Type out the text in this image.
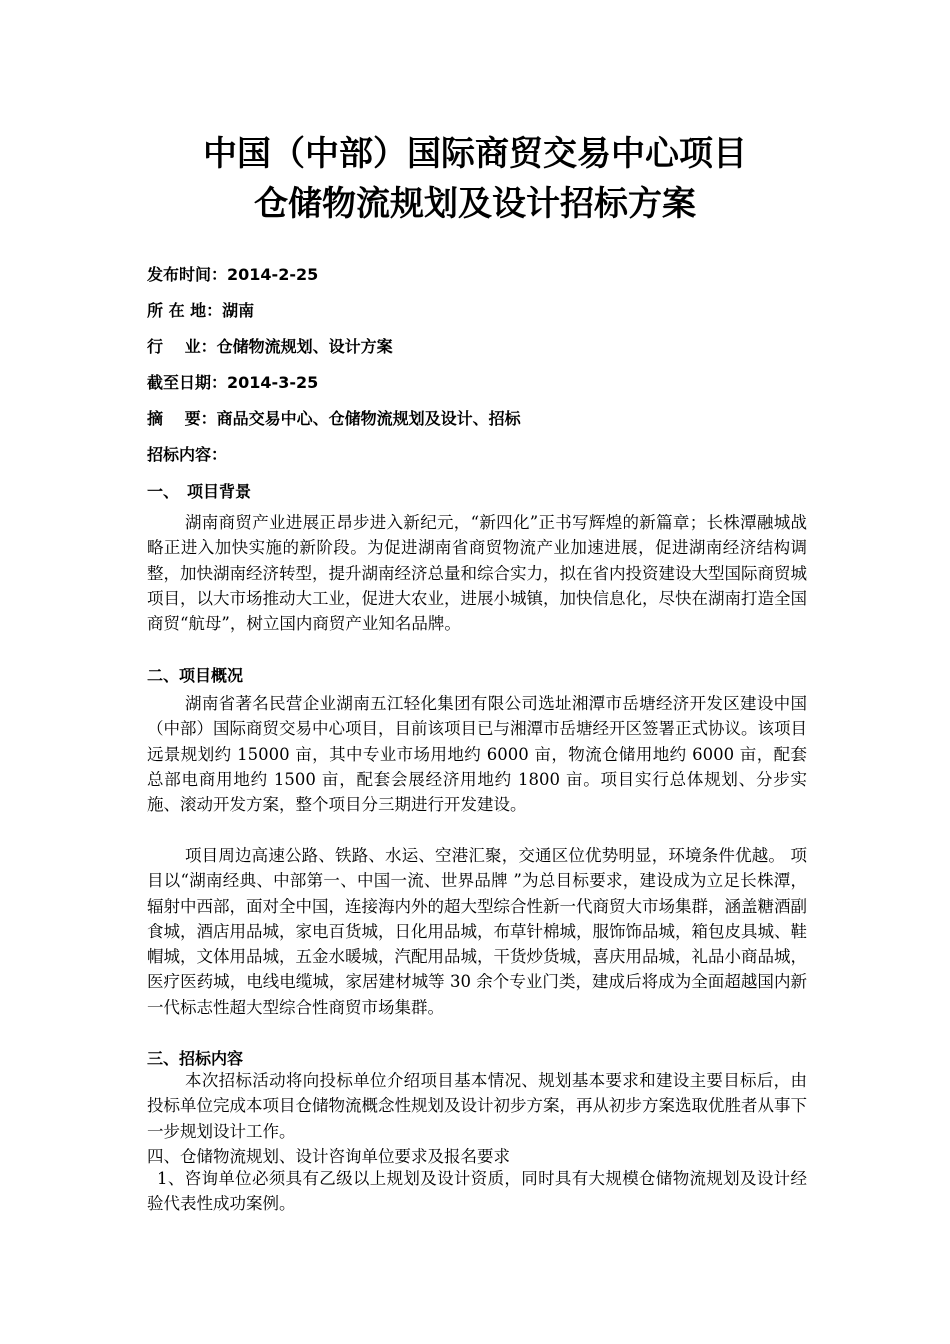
中国（中部）国际商贸交易中心项目
仓储物流规划及设计招标方案
发布时间：2014-2-25
所 在 地：湖南
行　 业：仓储物流规划、设计方案
截至日期：2014-3-25
摘　 要：商品交易中心、仓储物流规划及设计、招标
招标内容：
一、　项目背景

湖南商贸产业进展正昂步进入新纪元，“新四化”正书写辉煌的新篇章；长株潭融城战略正进入加快实施的新阶段。为促进湖南省商贸物流产业加速进展，促进湖南经济结构调整，加快湖南经济转型，提升湖南经济总量和综合实力，拟在省内投资建设大型国际商贸城项目，以大市场推动大工业，促进大农业，进展小城镇，加快信息化，尽快在湖南打造全国商贸“航母”，树立国内商贸产业知名品牌。

二、项目概况

湖南省著名民营企业湖南五江轻化集团有限公司选址湘潭市岳塘经济开发区建设中国（中部）国际商贸交易中心项目，目前该项目已与湘潭市岳塘经开区签署正式协议。该项目远景规划约 15000 亩，其中专业市场用地约 6000 亩，物流仓储用地约 6000 亩，配套总部电商用地约 1500 亩，配套会展经济用地约 1800 亩。项目实行总体规划、分步实施、滚动开发方案，整个项目分三期进行开发建设。

项目周边高速公路、铁路、水运、空港汇聚，交通区位优势明显，环境条件优越。 项目以“湖南经典、中部第一、中国一流、世界品牌 ”为总目标要求，建设成为立足长株潭，辐射中西部，面对全中国，连接海内外的超大型综合性新一代商贸大市场集群，涵盖糖酒副食城，酒店用品城，家电百货城，日化用品城，布草针棉城，服饰饰品城，箱包皮具城、鞋帽城，文体用品城，五金水暖城，汽配用品城，干货炒货城，喜庆用品城，礼品小商品城，医疗医药城，电线电缆城，家居建材城等 30 余个专业门类，建成后将成为全面超越国内新一代标志性超大型综合性商贸市场集群。

三、招标内容

本次招标活动将向投标单位介绍项目基本情况、规划基本要求和建设主要目标后，由投标单位完成本项目仓储物流概念性规划及设计初步方案，再从初步方案选取优胜者从事下一步规划设计工作。

四、仓储物流规划、设计咨询单位要求及报名要求

1、咨询单位必须具有乙级以上规划及设计资质，同时具有大规模仓储物流规划及设计经验代表性成功案例。
